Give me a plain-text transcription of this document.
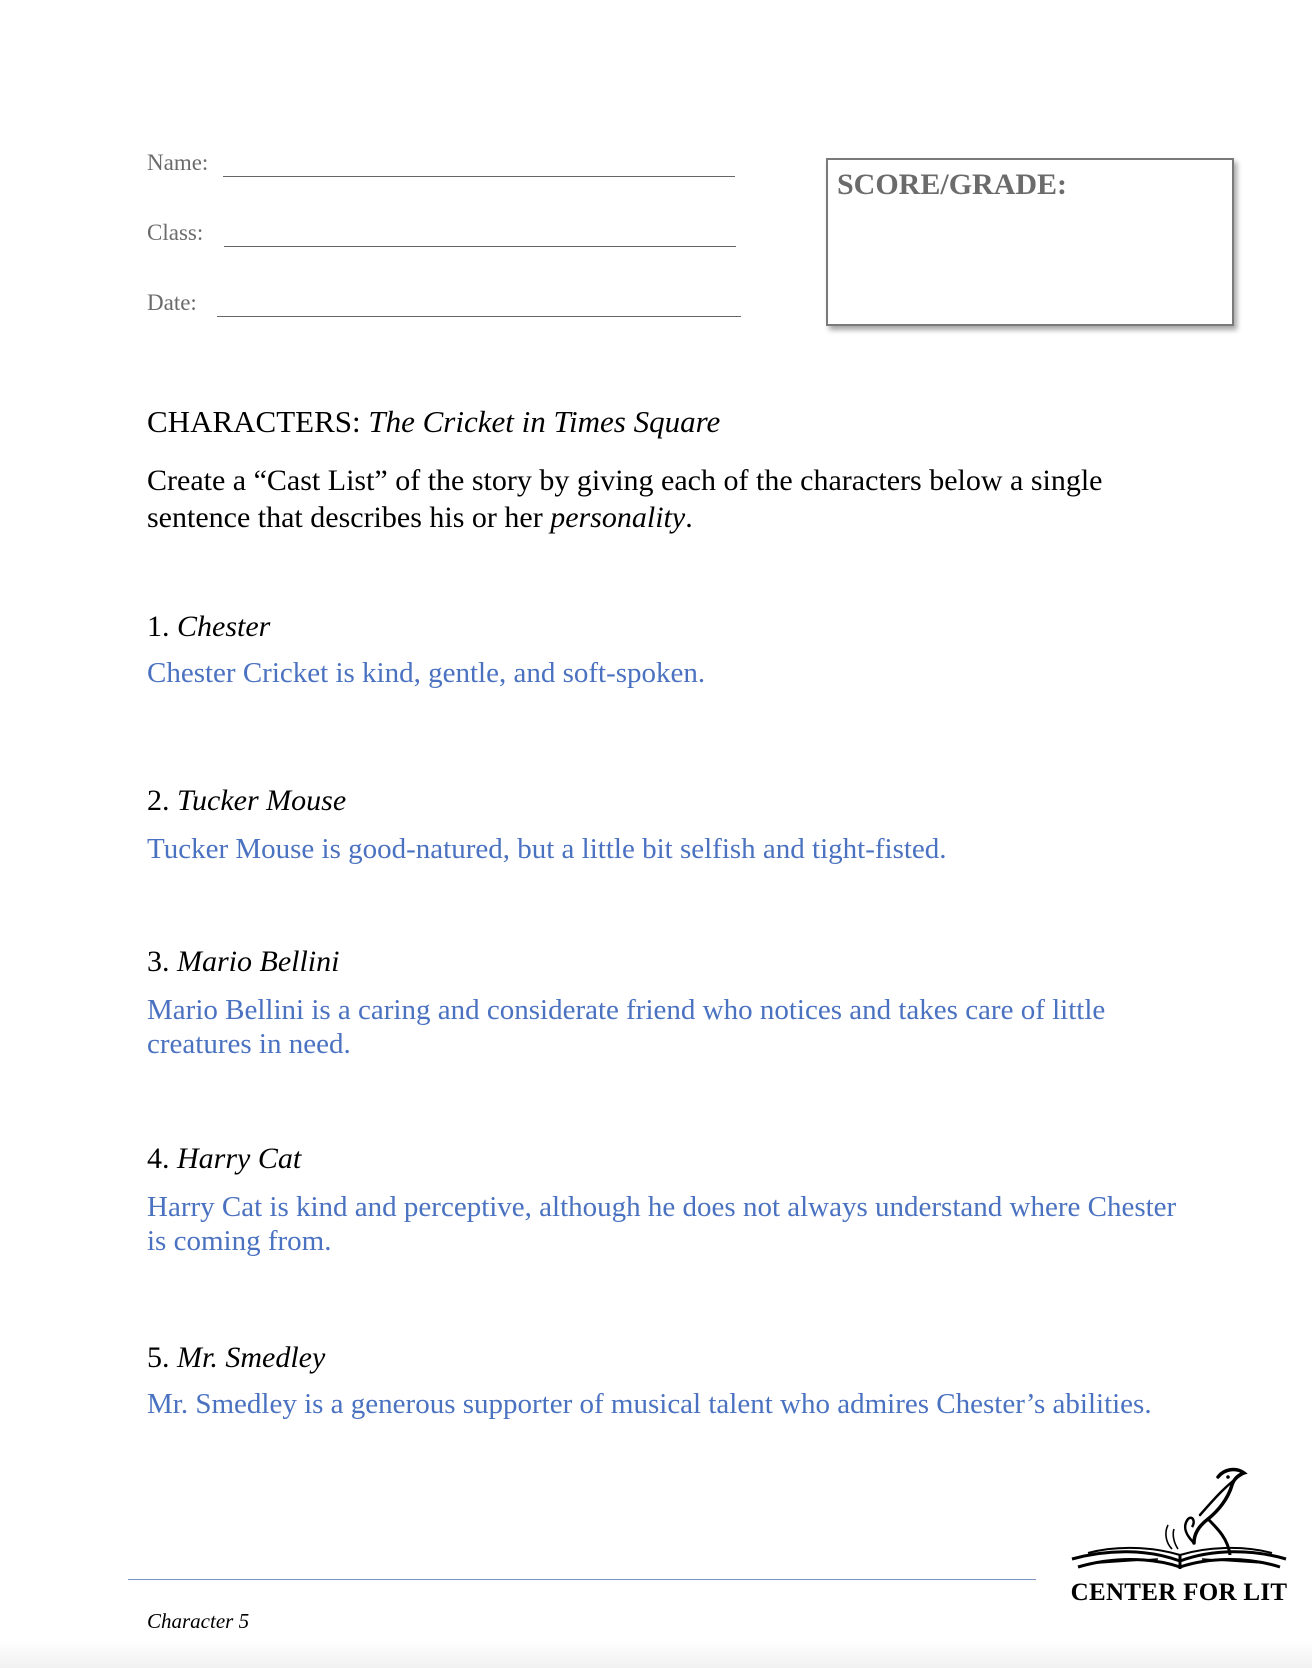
Name:
Class:
Date:
SCORE/GRADE:
CHARACTERS: The Cricket in Times Square
Create a “Cast List” of the story by giving each of the characters below a single sentence that describes his or her personality.
1. Chester
Chester Cricket is kind, gentle, and soft-spoken.
2. Tucker Mouse
Tucker Mouse is good-natured, but a little bit selfish and tight-fisted.
3. Mario Bellini
Mario Bellini is a caring and considerate friend who notices and takes care of little creatures in need.
4. Harry Cat
Harry Cat is kind and perceptive, although he does not always understand where Chester is coming from.
5. Mr. Smedley
Mr. Smedley is a generous supporter of musical talent who admires Chester’s abilities.
Character 5
CENTER FOR LIT
